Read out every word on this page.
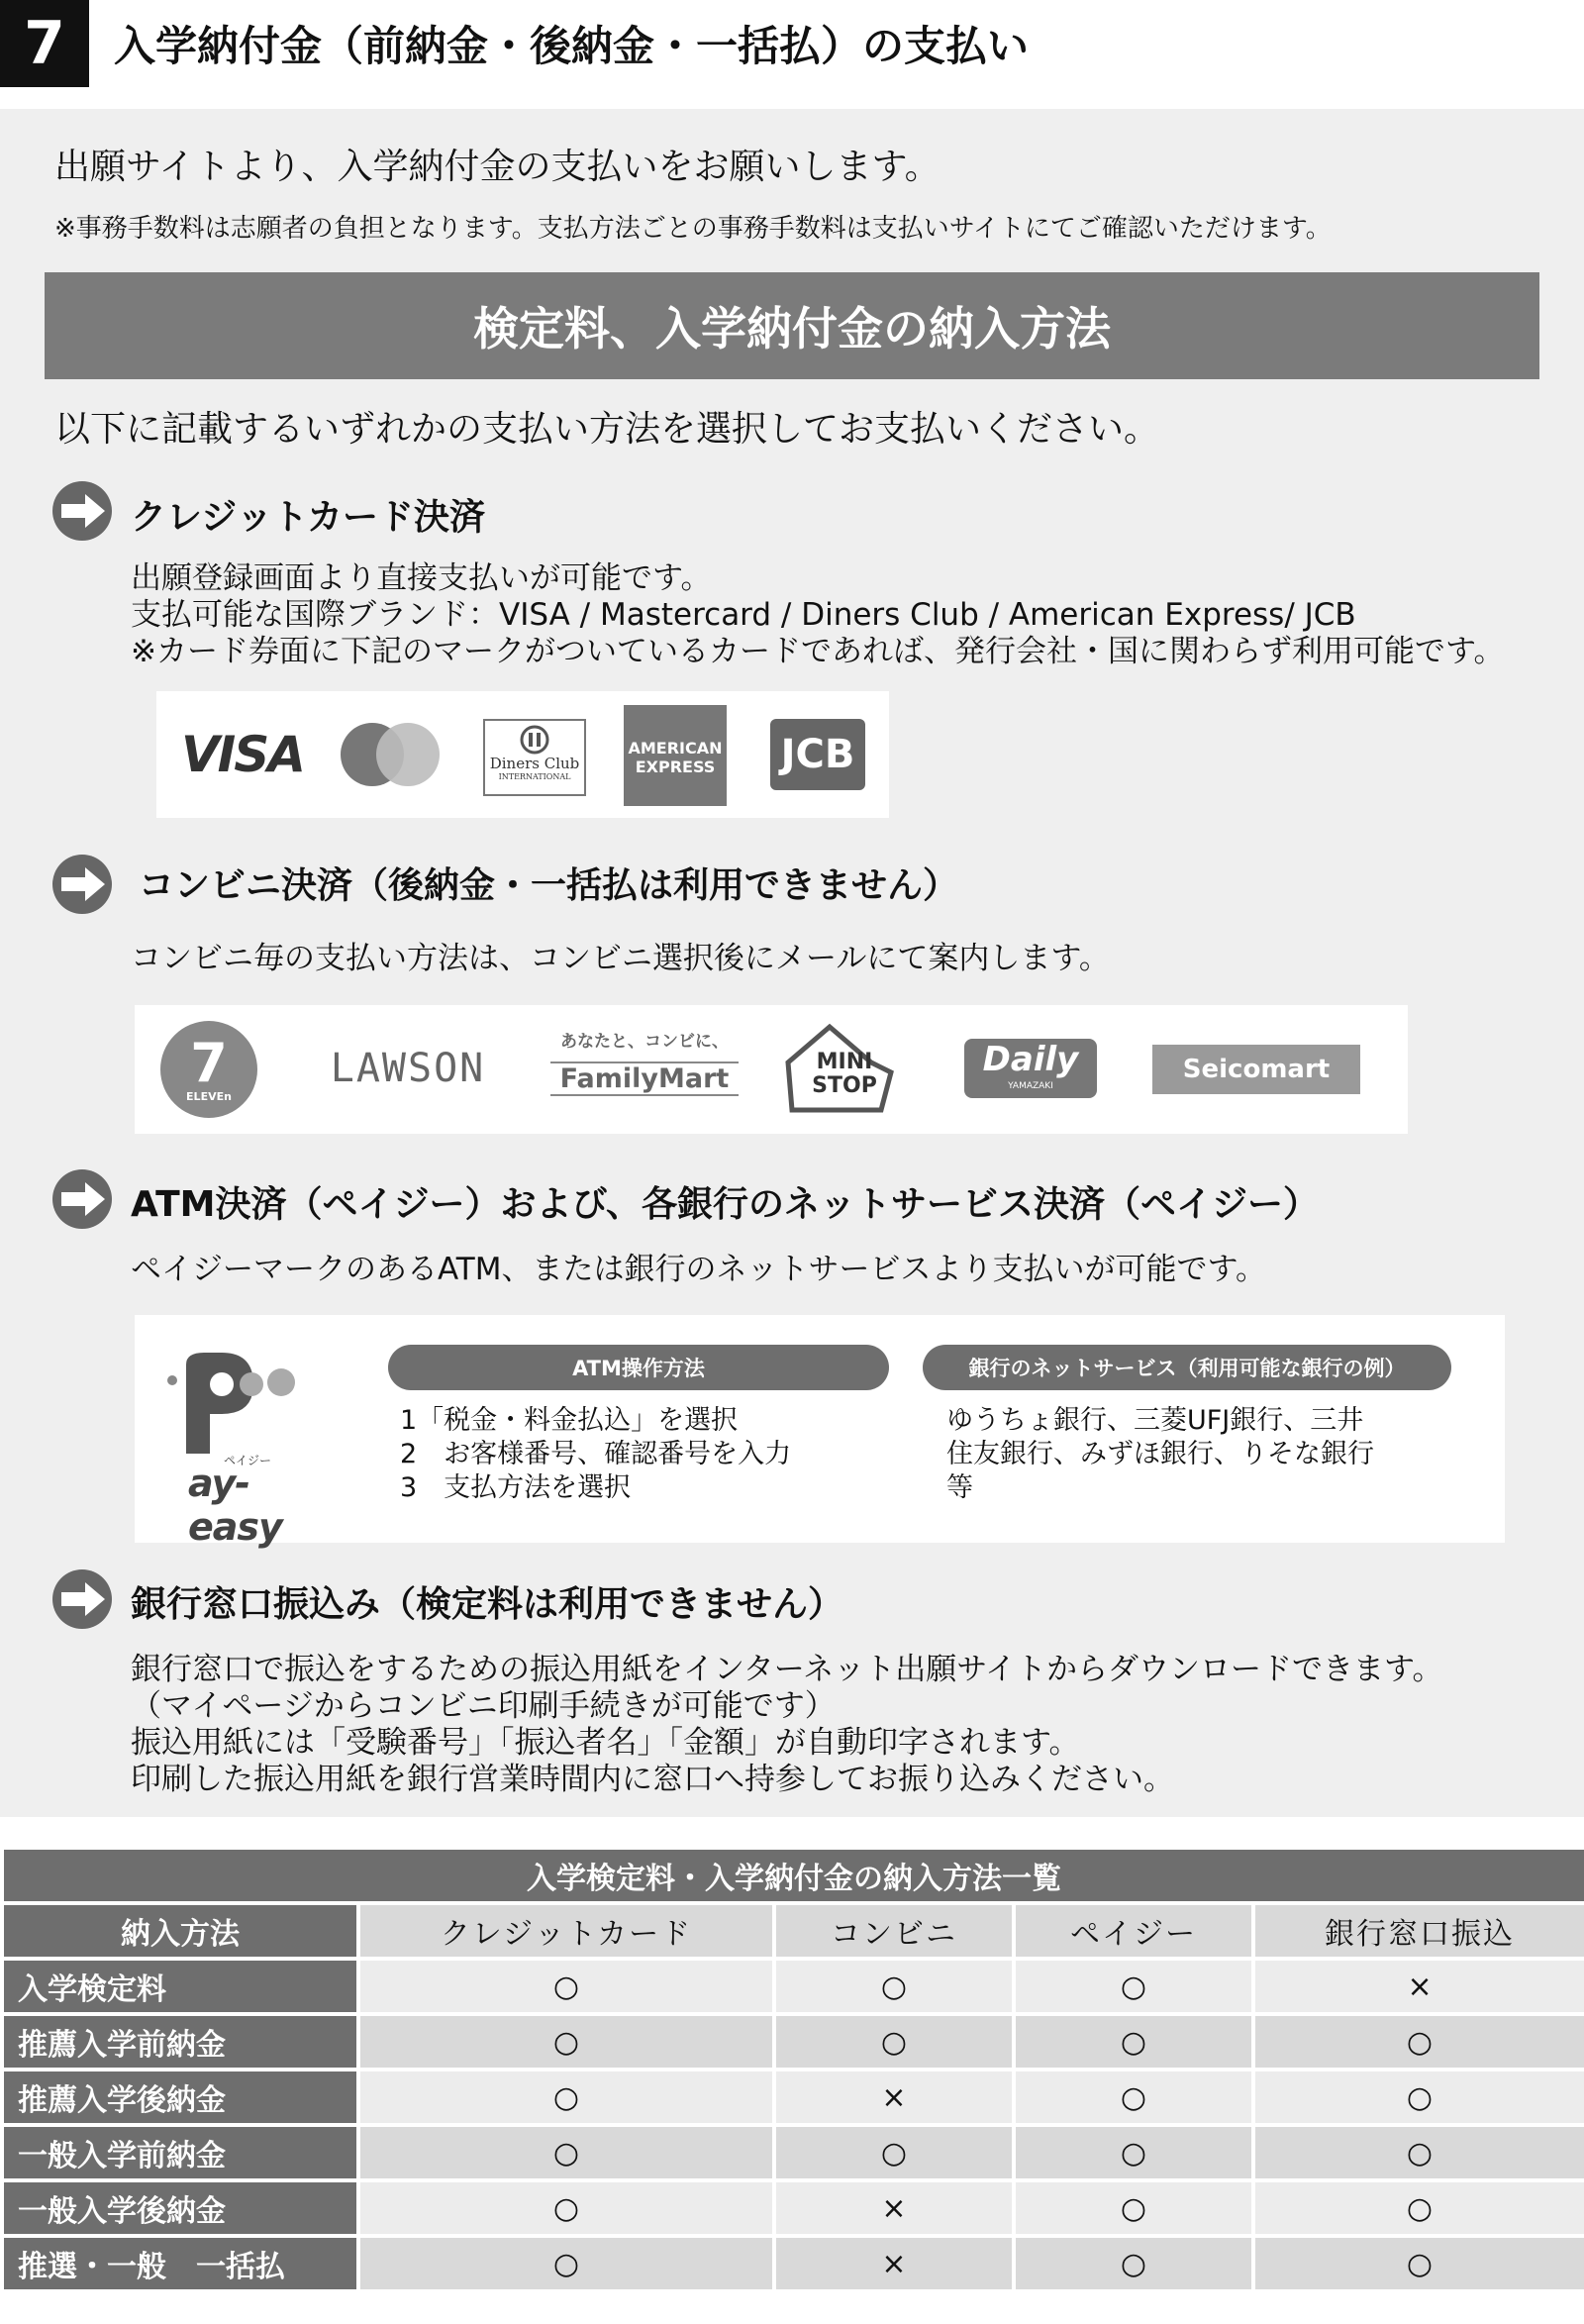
7	入学納付金（前納金・後納金・一括払）の支払い
出願サイトより、入学納付金の支払いをお願いします。
※事務手数料は志願者の負担となります。支払方法ごとの事務手数料は支払いサイトにてご確認いただけます。
検定料、入学納付金の納入方法
以下に記載するいずれかの支払い方法を選択してお支払いください。
クレジットカード決済
出願登録画面より直接支払いが可能です。
支払可能な国際ブランド：VISA / Mastercard / Diners Club / American Express/ JCB
※カード券面に下記のマークがついているカードであれば、発行会社・国に関わらず利用可能です。
VISA	Diners Club
INTERNATIONAL
AMERICAN
EXPRESS JCB
コンビニ決済（後納金・一括払は利用できません）
コンビニ毎の支払い方法は、コンビニ選択後にメールにて案内します。
7
ELEVEn
LAWSON
あなたと、コンビに、
FamilyMart
MINI
STOP
Daily
YAMAZAKI
Seicomart
ATM決済（ペイジー）および、各銀行のネットサービス決済（ペイジー）
ペイジーマークのあるATM、または銀行のネットサービスより支払いが可能です。
ペイジー
ay-easy
ATM操作方法
1「税金・料金払込」を選択
2　お客様番号、確認番号を入力
3　支払方法を選択
銀行のネットサービス（利用可能な銀行の例）
ゆうちょ銀行、三菱UFJ銀行、三井
住友銀行、みずほ銀行、りそな銀行
等
銀行窓口振込み（検定料は利用できません）
銀行窓口で振込をするための振込用紙をインターネット出願サイトからダウンロードできます。
（マイページからコンビニ印刷手続きが可能です）
振込用紙には「受験番号」「振込者名」「金額」が自動印字されます。
印刷した振込用紙を銀行営業時間内に窓口へ持参してお振り込みください。
入学検定料・入学納付金の納入方法一覧				
納入方法	クレジットカード	コンビニ	ペイジー	銀行窓口振込
入学検定料	○	○	○	×
推薦入学前納金	○	○	○	○
推薦入学後納金	○	×	○	○
一般入学前納金	○	○	○	○
一般入学後納金	○	×	○	○
推選・一般　一括払	○	×	○	○
